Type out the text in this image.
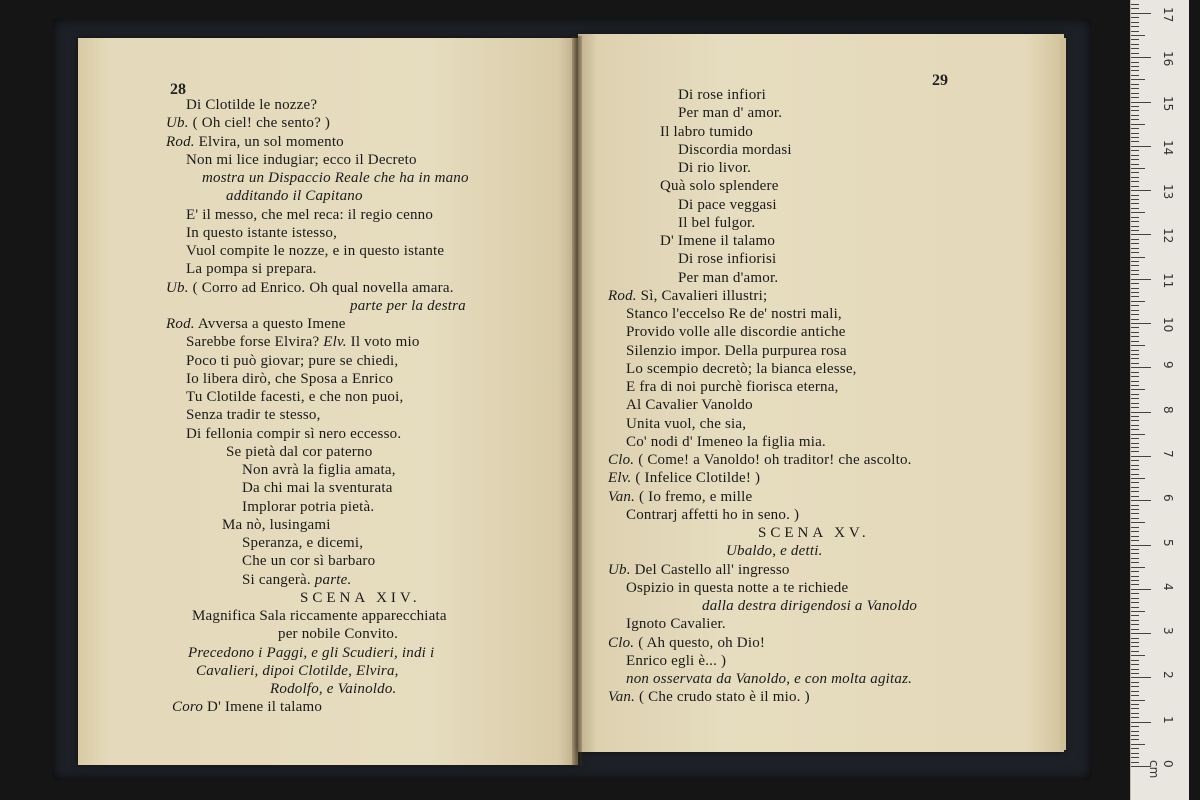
28
Di Clotilde le nozze?
Ub. ( Oh ciel! che sento? )
Rod. Elvira, un sol momento
Non mi lice indugiar; ecco il Decreto
mostra un Dispaccio Reale che ha in mano
additando il Capitano
E' il messo, che mel reca: il regio cenno
In questo istante istesso,
Vuol compite le nozze, e in questo istante
La pompa si prepara.
Ub. ( Corro ad Enrico. Oh qual novella amara.
parte per la destra
Rod. Avversa a questo Imene
Sarebbe forse Elvira? Elv. Il voto mio
Poco ti può giovar; pure se chiedi,
Io libera dirò, che Sposa a Enrico
Tu Clotilde facesti, e che non puoi,
Senza tradir te stesso,
Di fellonia compir sì nero eccesso.
Se pietà dal cor paterno
Non avrà la figlia amata,
Da chi mai la sventurata
Implorar potria pietà.
Ma nò, lusingami
Speranza, e dicemi,
Che un cor sì barbaro
Si cangerà. parte.
SCENA XIV.
Magnifica Sala riccamente apparecchiata
per nobile Convito.
Precedono i Paggi, e gli Scudieri, indi i
Cavalieri, dipoi Clotilde, Elvira,
Rodolfo, e Vainoldo.
Coro D' Imene il talamo
29
Di rose infiori
Per man d' amor.
Il labro tumido
Discordia mordasi
Di rio livor.
Quà solo splendere
Di pace veggasi
Il bel fulgor.
D' Imene il talamo
Di rose infiorisi
Per man d'amor.
Rod. Sì, Cavalieri illustri;
Stanco l'eccelso Re de' nostri mali,
Provido volle alle discordie antiche
Silenzio impor. Della purpurea rosa
Lo scempio decretò; la bianca elesse,
E fra di noi purchè fiorisca eterna,
Al Cavalier Vanoldo
Unita vuol, che sia,
Co' nodi d' Imeneo la figlia mia.
Clo. ( Come! a Vanoldo! oh traditor! che ascolto.
Elv. ( Infelice Clotilde! )
Van. ( Io fremo, e mille
Contrarj affetti ho in seno. )
SCENA XV.
Ubaldo, e detti.
Ub. Del Castello all' ingresso
Ospizio in questa notte a te richiede
dalla destra dirigendosi a Vanoldo
Ignoto Cavalier.
Clo. ( Ah questo, oh Dio!
Enrico egli è... )
non osservata da Vanoldo, e con molta agitaz.
Van. ( Che crudo stato è il mio. )
17
16
15
14
13
12
11
10
9
8
7
6
5
4
3
2
1
0 cm
